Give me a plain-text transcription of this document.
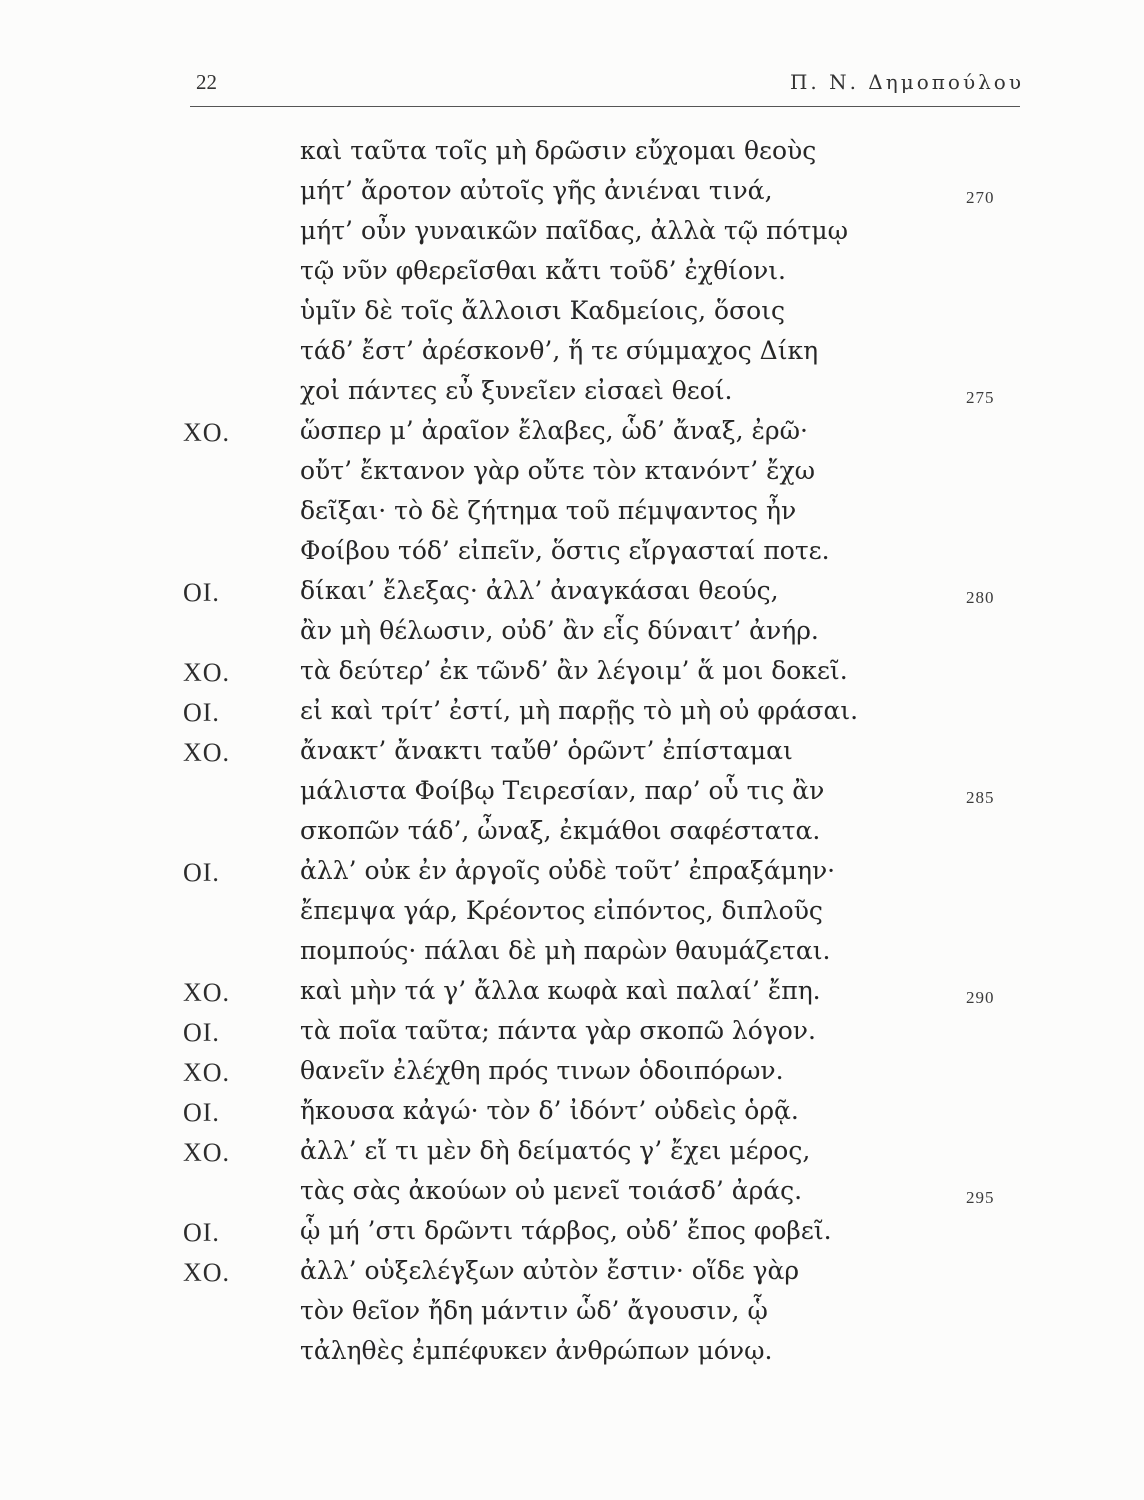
22	Π. Ν. Δημοπούλου
καὶ ταῦτα τοῖς μὴ δρῶσιν εὔχομαι θεοὺς
μήτ’ ἄροτον αὐτοῖς γῆς ἀνιέναι τινά,	270
μήτ’ οὖν γυναικῶν παῖδας, ἀλλὰ τῷ πότμῳ
τῷ νῦν φθερεῖσθαι κἄτι τοῦδ’ ἐχθίονι.
ὑμῖν δὲ τοῖς ἄλλοισι Καδμείοις, ὅσοις
τάδ’ ἔστ’ ἀρέσκονθ’, ἥ τε σύμμαχος Δίκη
χοἰ πάντες εὖ ξυνεῖεν εἰσαεὶ θεοί.	275
ΧΟ.	ὥσπερ μ’ ἀραῖον ἔλαβες, ὧδ’ ἄναξ, ἐρῶ·
οὔτ’ ἔκτανον γὰρ οὔτε τὸν κτανόντ’ ἔχω
δεῖξαι· τὸ δὲ ζήτημα τοῦ πέμψαντος ἦν
Φοίβου τόδ’ εἰπεῖν, ὅστις εἴργασταί ποτε.
ΟΙ.	δίκαι’ ἔλεξας· ἀλλ’ ἀναγκάσαι θεούς,	280
ἂν μὴ θέλωσιν, οὐδ’ ἂν εἷς δύναιτ’ ἀνήρ.
ΧΟ.	τὰ δεύτερ’ ἐκ τῶνδ’ ἂν λέγοιμ’ ἅ μοι δοκεῖ.
ΟΙ.	εἰ καὶ τρίτ’ ἐστί, μὴ παρῇς τὸ μὴ οὐ φράσαι.
ΧΟ.	ἄνακτ’ ἄνακτι ταὔθ’ ὁρῶντ’ ἐπίσταμαι
μάλιστα Φοίβῳ Τειρεσίαν, παρ’ οὗ τις ἂν	285
σκοπῶν τάδ’, ὦναξ, ἐκμάθοι σαφέστατα.
ΟΙ.	ἀλλ’ οὐκ ἐν ἀργοῖς οὐδὲ τοῦτ’ ἐπραξάμην·
ἔπεμψα γάρ, Κρέοντος εἰπόντος, διπλοῦς
πομπούς· πάλαι δὲ μὴ παρὼν θαυμάζεται.
ΧΟ.	καὶ μὴν τά γ’ ἄλλα κωφὰ καὶ παλαί’ ἔπη.	290
ΟΙ.	τὰ ποῖα ταῦτα; πάντα γὰρ σκοπῶ λόγον.
ΧΟ.	θανεῖν ἐλέχθη πρός τινων ὁδοιπόρων.
ΟΙ.	ἤκουσα κἀγώ· τὸν δ’ ἰδόντ’ οὐδεὶς ὁρᾷ.
ΧΟ.	ἀλλ’ εἴ τι μὲν δὴ δείματός γ’ ἔχει μέρος,
τὰς σὰς ἀκούων οὐ μενεῖ τοιάσδ’ ἀράς.	295
ΟΙ.	ᾧ μή ’στι δρῶντι τάρβος, οὐδ’ ἔπος φοβεῖ.
ΧΟ.	ἀλλ’ οὑξελέγξων αὐτὸν ἔστιν· οἵδε γὰρ
τὸν θεῖον ἤδη μάντιν ὧδ’ ἄγουσιν, ᾧ
τἀληθὲς ἐμπέφυκεν ἀνθρώπων μόνῳ.
